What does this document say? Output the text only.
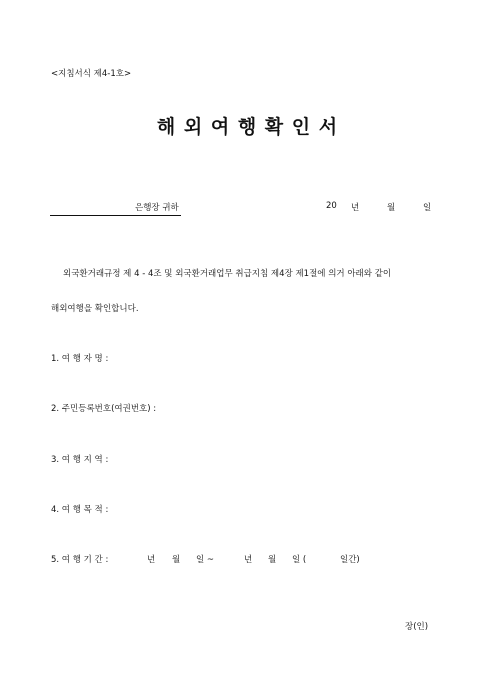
<지침서식 제4-1호>
해 외 여 행 확 인 서
은행장 귀하	20 년	월	일
외국환거래규정 제 4 - 4조 및 외국환거래업무 취급지침 제4장 제1절에 의거 아래와 같이
해외여행을 확인합니다.
1. 여 행 자 명 :
2. 주민등록번호(여권번호) :
3. 여 행 지 역 :
4. 여 행 목 적 :
5. 여 행 기 간 :	년 월 일 ~	년 월 일 (	일간)
장(인)
